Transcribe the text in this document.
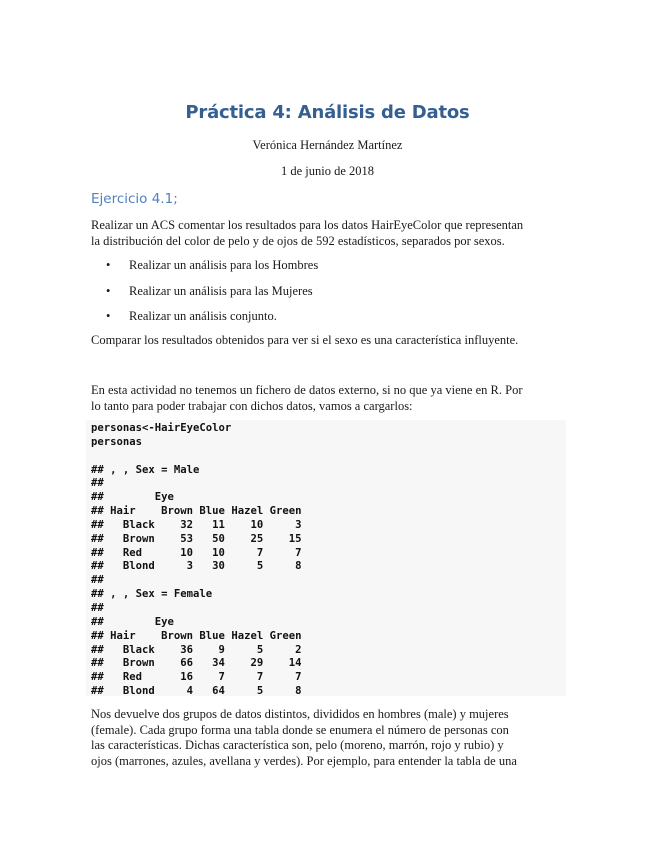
Práctica 4: Análisis de Datos
Verónica Hernández Martínez
1 de junio de 2018
Ejercicio 4.1;
Realizar un ACS comentar los resultados para los datos HairEyeColor que representan
la distribución del color de pelo y de ojos de 592 estadísticos, separados por sexos.
• Realizar un análisis para los Hombres
• Realizar un análisis para las Mujeres
• Realizar un análisis conjunto.
Comparar los resultados obtenidos para ver si el sexo es una característica influyente.
En esta actividad no tenemos un fichero de datos externo, si no que ya viene en R. Por
lo tanto para poder trabajar con dichos datos, vamos a cargarlos:
personas<-HairEyeColor
personas

## , , Sex = Male
##
##        Eye
## Hair    Brown Blue Hazel Green
##   Black    32   11    10     3
##   Brown    53   50    25    15
##   Red      10   10     7     7
##   Blond     3   30     5     8
##
## , , Sex = Female
##
##        Eye
## Hair    Brown Blue Hazel Green
##   Black    36    9     5     2
##   Brown    66   34    29    14
##   Red      16    7     7     7
##   Blond     4   64     5     8
Nos devuelve dos grupos de datos distintos, divididos en hombres (male) y mujeres
(female). Cada grupo forma una tabla donde se enumera el número de personas con
las características. Dichas característica son, pelo (moreno, marrón, rojo y rubio) y
ojos (marrones, azules, avellana y verdes). Por ejemplo, para entender la tabla de una
